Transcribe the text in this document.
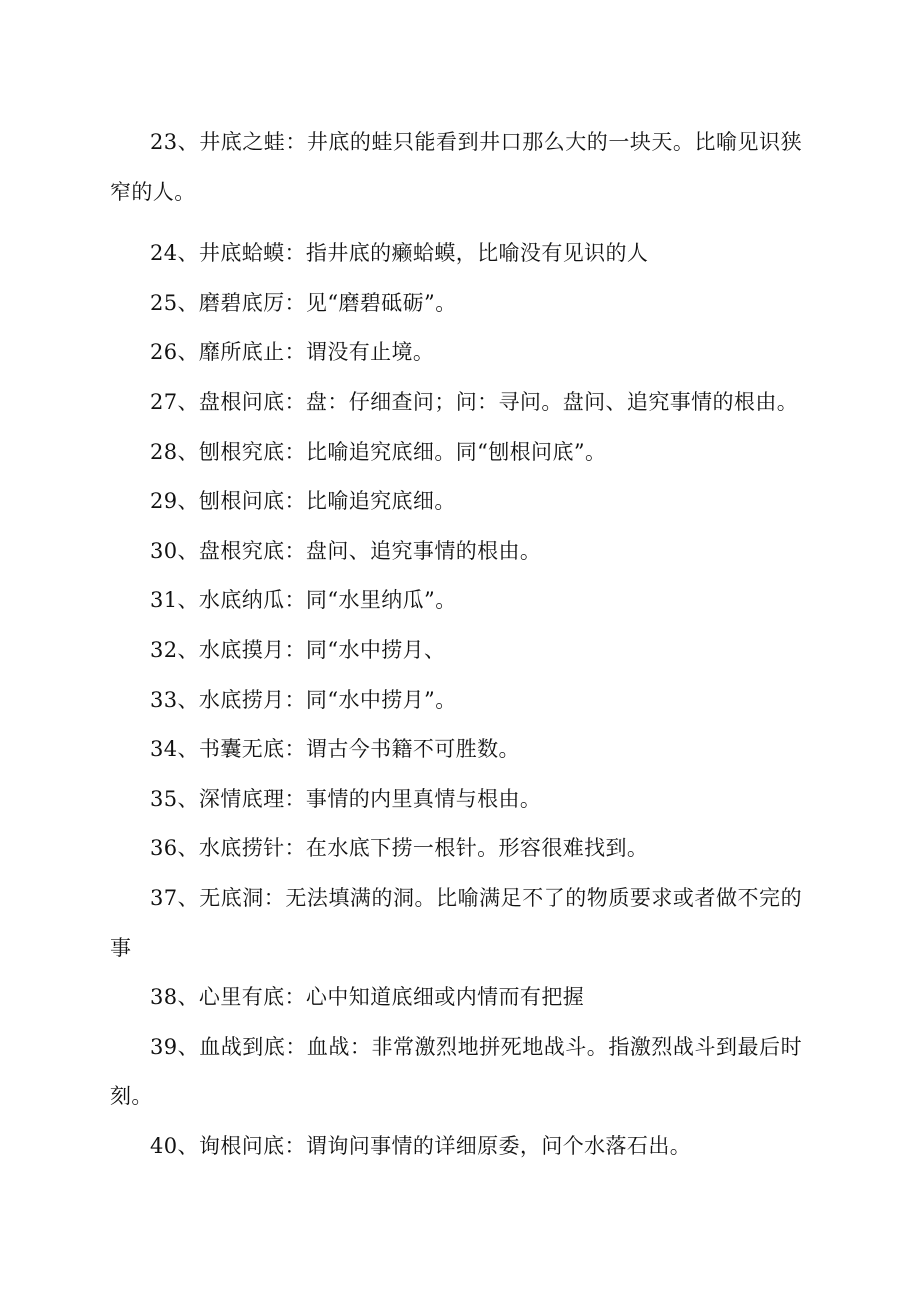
23、井底之蛙：井底的蛙只能看到井口那么大的一块天。比喻见识狭窄的人。

24、井底蛤蟆：指井底的癞蛤蟆，比喻没有见识的人

25、磨碧底厉：见“磨碧砥砺”。

26、靡所底止：谓没有止境。

27、盘根问底：盘：仔细查问；问：寻问。盘问、追究事情的根由。

28、刨根究底：比喻追究底细。同“刨根问底”。

29、刨根问底：比喻追究底细。

30、盘根究底：盘问、追究事情的根由。

31、水底纳瓜：同“水里纳瓜”。

32、水底摸月：同“水中捞月、

33、水底捞月：同“水中捞月”。

34、书囊无底：谓古今书籍不可胜数。

35、深情底理：事情的内里真情与根由。

36、水底捞针：在水底下捞一根针。形容很难找到。

37、无底洞：无法填满的洞。比喻满足不了的物质要求或者做不完的事

38、心里有底：心中知道底细或内情而有把握

39、血战到底：血战：非常激烈地拼死地战斗。指激烈战斗到最后时刻。

40、询根问底：谓询问事情的详细原委，问个水落石出。
